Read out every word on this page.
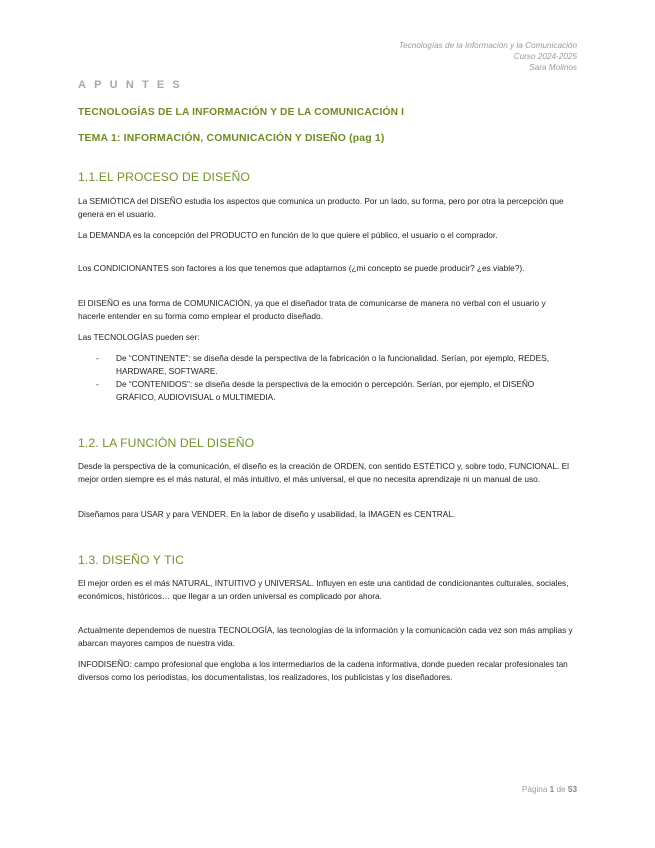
Tecnologías de la Información y la Comunicación
Curso 2024-2025
Sara Molinos
APUNTES
TECNOLOGÍAS DE LA INFORMACIÓN Y DE LA COMUNICACIÓN I
TEMA 1: INFORMACIÓN, COMUNICACIÓN Y DISEÑO (pag 1)
1.1.EL PROCESO DE DISEÑO
La SEMIÓTICA del DISEÑO estudia los aspectos que comunica un producto. Por un lado, su forma, pero por otra la percepción que genera en el usuario.
La DEMANDA es la concepción del PRODUCTO en función de lo que quiere el público, el usuario o el comprador.
Los CONDICIONANTES son factores a los que tenemos que adaptarnos (¿mi concepto se puede producir? ¿es viable?).
El DISEÑO es una forma de COMUNICACIÓN, ya que el diseñador trata de comunicarse de manera no verbal con el usuario y hacerle entender en su forma como emplear el producto diseñado.
Las TECNOLOGÍAS pueden ser:
- De “CONTINENTE”: se diseña desde la perspectiva de la fabricación o la funcionalidad. Serían, por ejemplo, REDES, HARDWARE, SOFTWARE.
- De “CONTENIDOS”: se diseña desde la perspectiva de la emoción o percepción. Serían, por ejemplo, el DISEÑO GRÁFICO, AUDIOVISUAL o MULTIMEDIA.
1.2. LA FUNCIÓN DEL DISEÑO
Desde la perspectiva de la comunicación, el diseño es la creación de ORDEN, con sentido ESTÉTICO y, sobre todo, FUNCIONAL. El mejor orden siempre es el más natural, el más intuitivo, el más universal, el que no necesita aprendizaje ni un manual de uso.
Diseñamos para USAR y para VENDER. En la labor de diseño y usabilidad, la IMAGEN es CENTRAL.
1.3. DISEÑO Y TIC
El mejor orden es el más NATURAL, INTUITIVO y UNIVERSAL. Influyen en este una cantidad de condicionantes culturales, sociales, económicos, históricos… que llegar a un orden universal es complicado por ahora.
Actualmente dependemos de nuestra TECNOLOGÍA, las tecnologías de la información y la comunicación cada vez son más amplias y abarcan mayores campos de nuestra vida.
INFODISEÑO: campo profesional que engloba a los intermediarios de la cadena informativa, donde pueden recalar profesionales tan diversos como los periodistas, los documentalistas, los realizadores, los publicistas y los diseñadores.
Página 1 de 53
